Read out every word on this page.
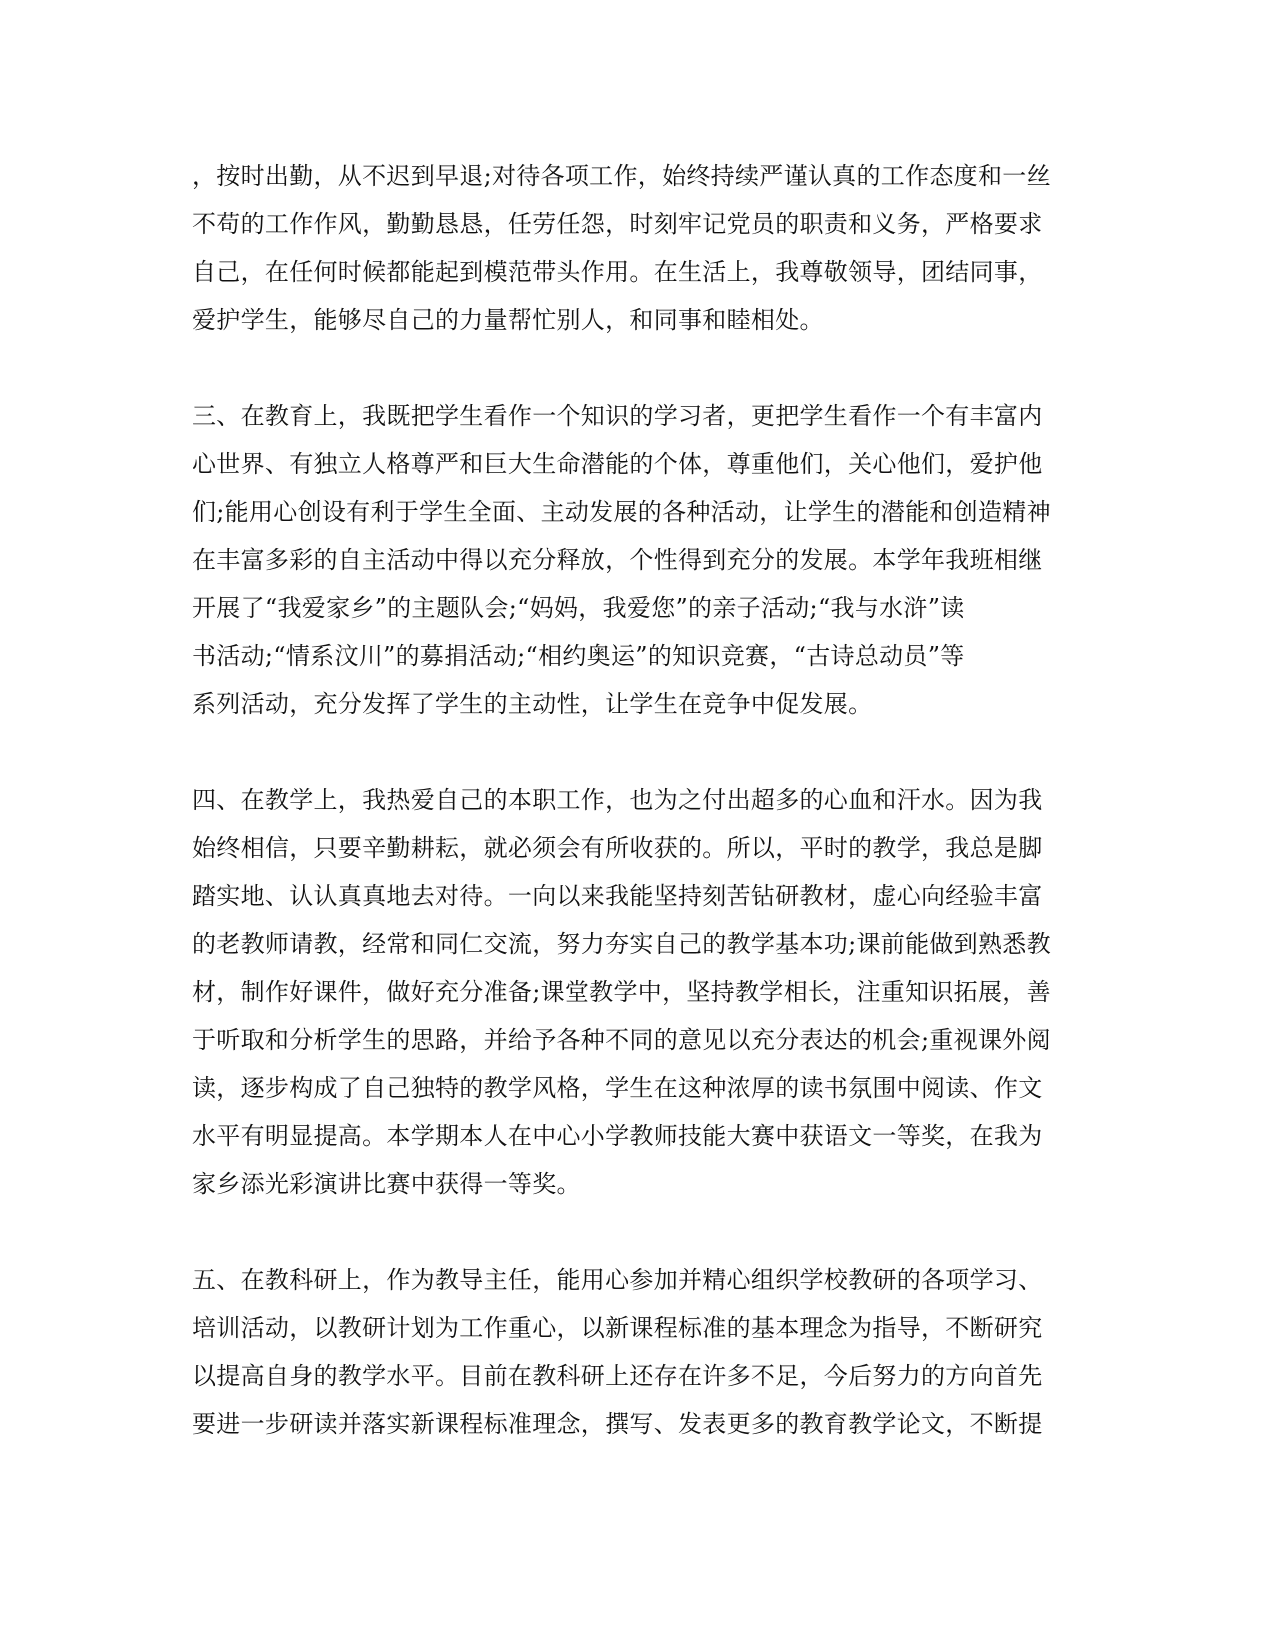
，按时出勤，从不迟到早退;对待各项工作，始终持续严谨认真的工作态度和一丝
不苟的工作作风，勤勤恳恳，任劳任怨，时刻牢记党员的职责和义务，严格要求
自己，在任何时候都能起到模范带头作用。在生活上，我尊敬领导，团结同事，
爱护学生，能够尽自己的力量帮忙别人，和同事和睦相处。
三、在教育上，我既把学生看作一个知识的学习者，更把学生看作一个有丰富内
心世界、有独立人格尊严和巨大生命潜能的个体，尊重他们，关心他们，爱护他
们;能用心创设有利于学生全面、主动发展的各种活动，让学生的潜能和创造精神
在丰富多彩的自主活动中得以充分释放，个性得到充分的发展。本学年我班相继
开展了“我爱家乡”的主题队会;“妈妈，我爱您”的亲子活动;“我与水浒”读
书活动;“情系汶川”的募捐活动;“相约奥运”的知识竞赛，“古诗总动员”等
系列活动，充分发挥了学生的主动性，让学生在竞争中促发展。
四、在教学上，我热爱自己的本职工作，也为之付出超多的心血和汗水。因为我
始终相信，只要辛勤耕耘，就必须会有所收获的。所以，平时的教学，我总是脚
踏实地、认认真真地去对待。一向以来我能坚持刻苦钻研教材，虚心向经验丰富
的老教师请教，经常和同仁交流，努力夯实自己的教学基本功;课前能做到熟悉教
材，制作好课件，做好充分准备;课堂教学中，坚持教学相长，注重知识拓展，善
于听取和分析学生的思路，并给予各种不同的意见以充分表达的机会;重视课外阅
读，逐步构成了自己独特的教学风格，学生在这种浓厚的读书氛围中阅读、作文
水平有明显提高。本学期本人在中心小学教师技能大赛中获语文一等奖，在我为
家乡添光彩演讲比赛中获得一等奖。
五、在教科研上，作为教导主任，能用心参加并精心组织学校教研的各项学习、
培训活动，以教研计划为工作重心，以新课程标准的基本理念为指导，不断研究
以提高自身的教学水平。目前在教科研上还存在许多不足，今后努力的方向首先
要进一步研读并落实新课程标准理念，撰写、发表更多的教育教学论文，不断提
